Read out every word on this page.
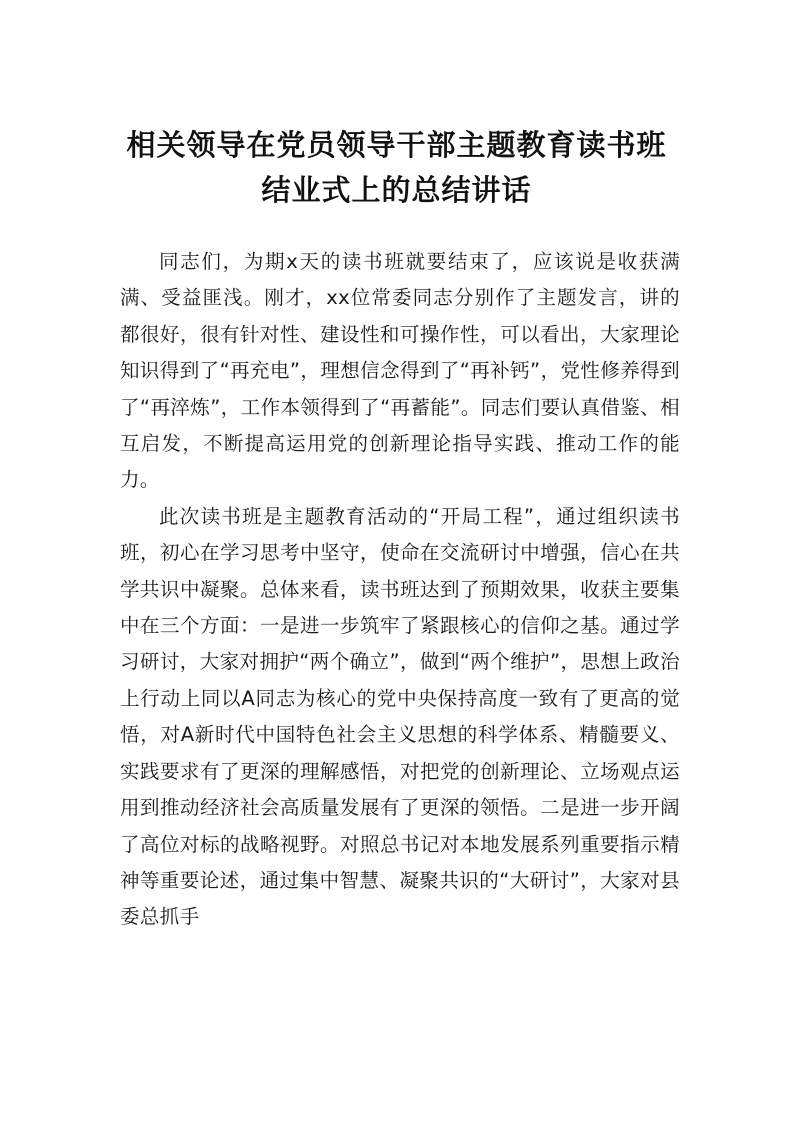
相关领导在党员领导干部主题教育读书班
结业式上的总结讲话

同志们，为期x天的读书班就要结束了，应该说是收获满满、受益匪浅。刚才，xx位常委同志分别作了主题发言，讲的都很好，很有针对性、建设性和可操作性，可以看出，大家理论知识得到了“再充电”，理想信念得到了“再补钙”，党性修养得到了“再淬炼”，工作本领得到了“再蓄能”。同志们要认真借鉴、相互启发，不断提高运用党的创新理论指导实践、推动工作的能力。

此次读书班是主题教育活动的“开局工程”，通过组织读书班，初心在学习思考中坚守，使命在交流研讨中增强，信心在共学共识中凝聚。总体来看，读书班达到了预期效果，收获主要集中在三个方面：一是进一步筑牢了紧跟核心的信仰之基。通过学习研讨，大家对拥护“两个确立”，做到“两个维护”，思想上政治上行动上同以A同志为核心的党中央保持高度一致有了更高的觉悟，对A新时代中国特色社会主义思想的科学体系、精髓要义、实践要求有了更深的理解感悟，对把党的创新理论、立场观点运用到推动经济社会高质量发展有了更深的领悟。二是进一步开阔了高位对标的战略视野。对照总书记对本地发展系列重要指示精神等重要论述，通过集中智慧、凝聚共识的“大研讨”，大家对县委总抓手
